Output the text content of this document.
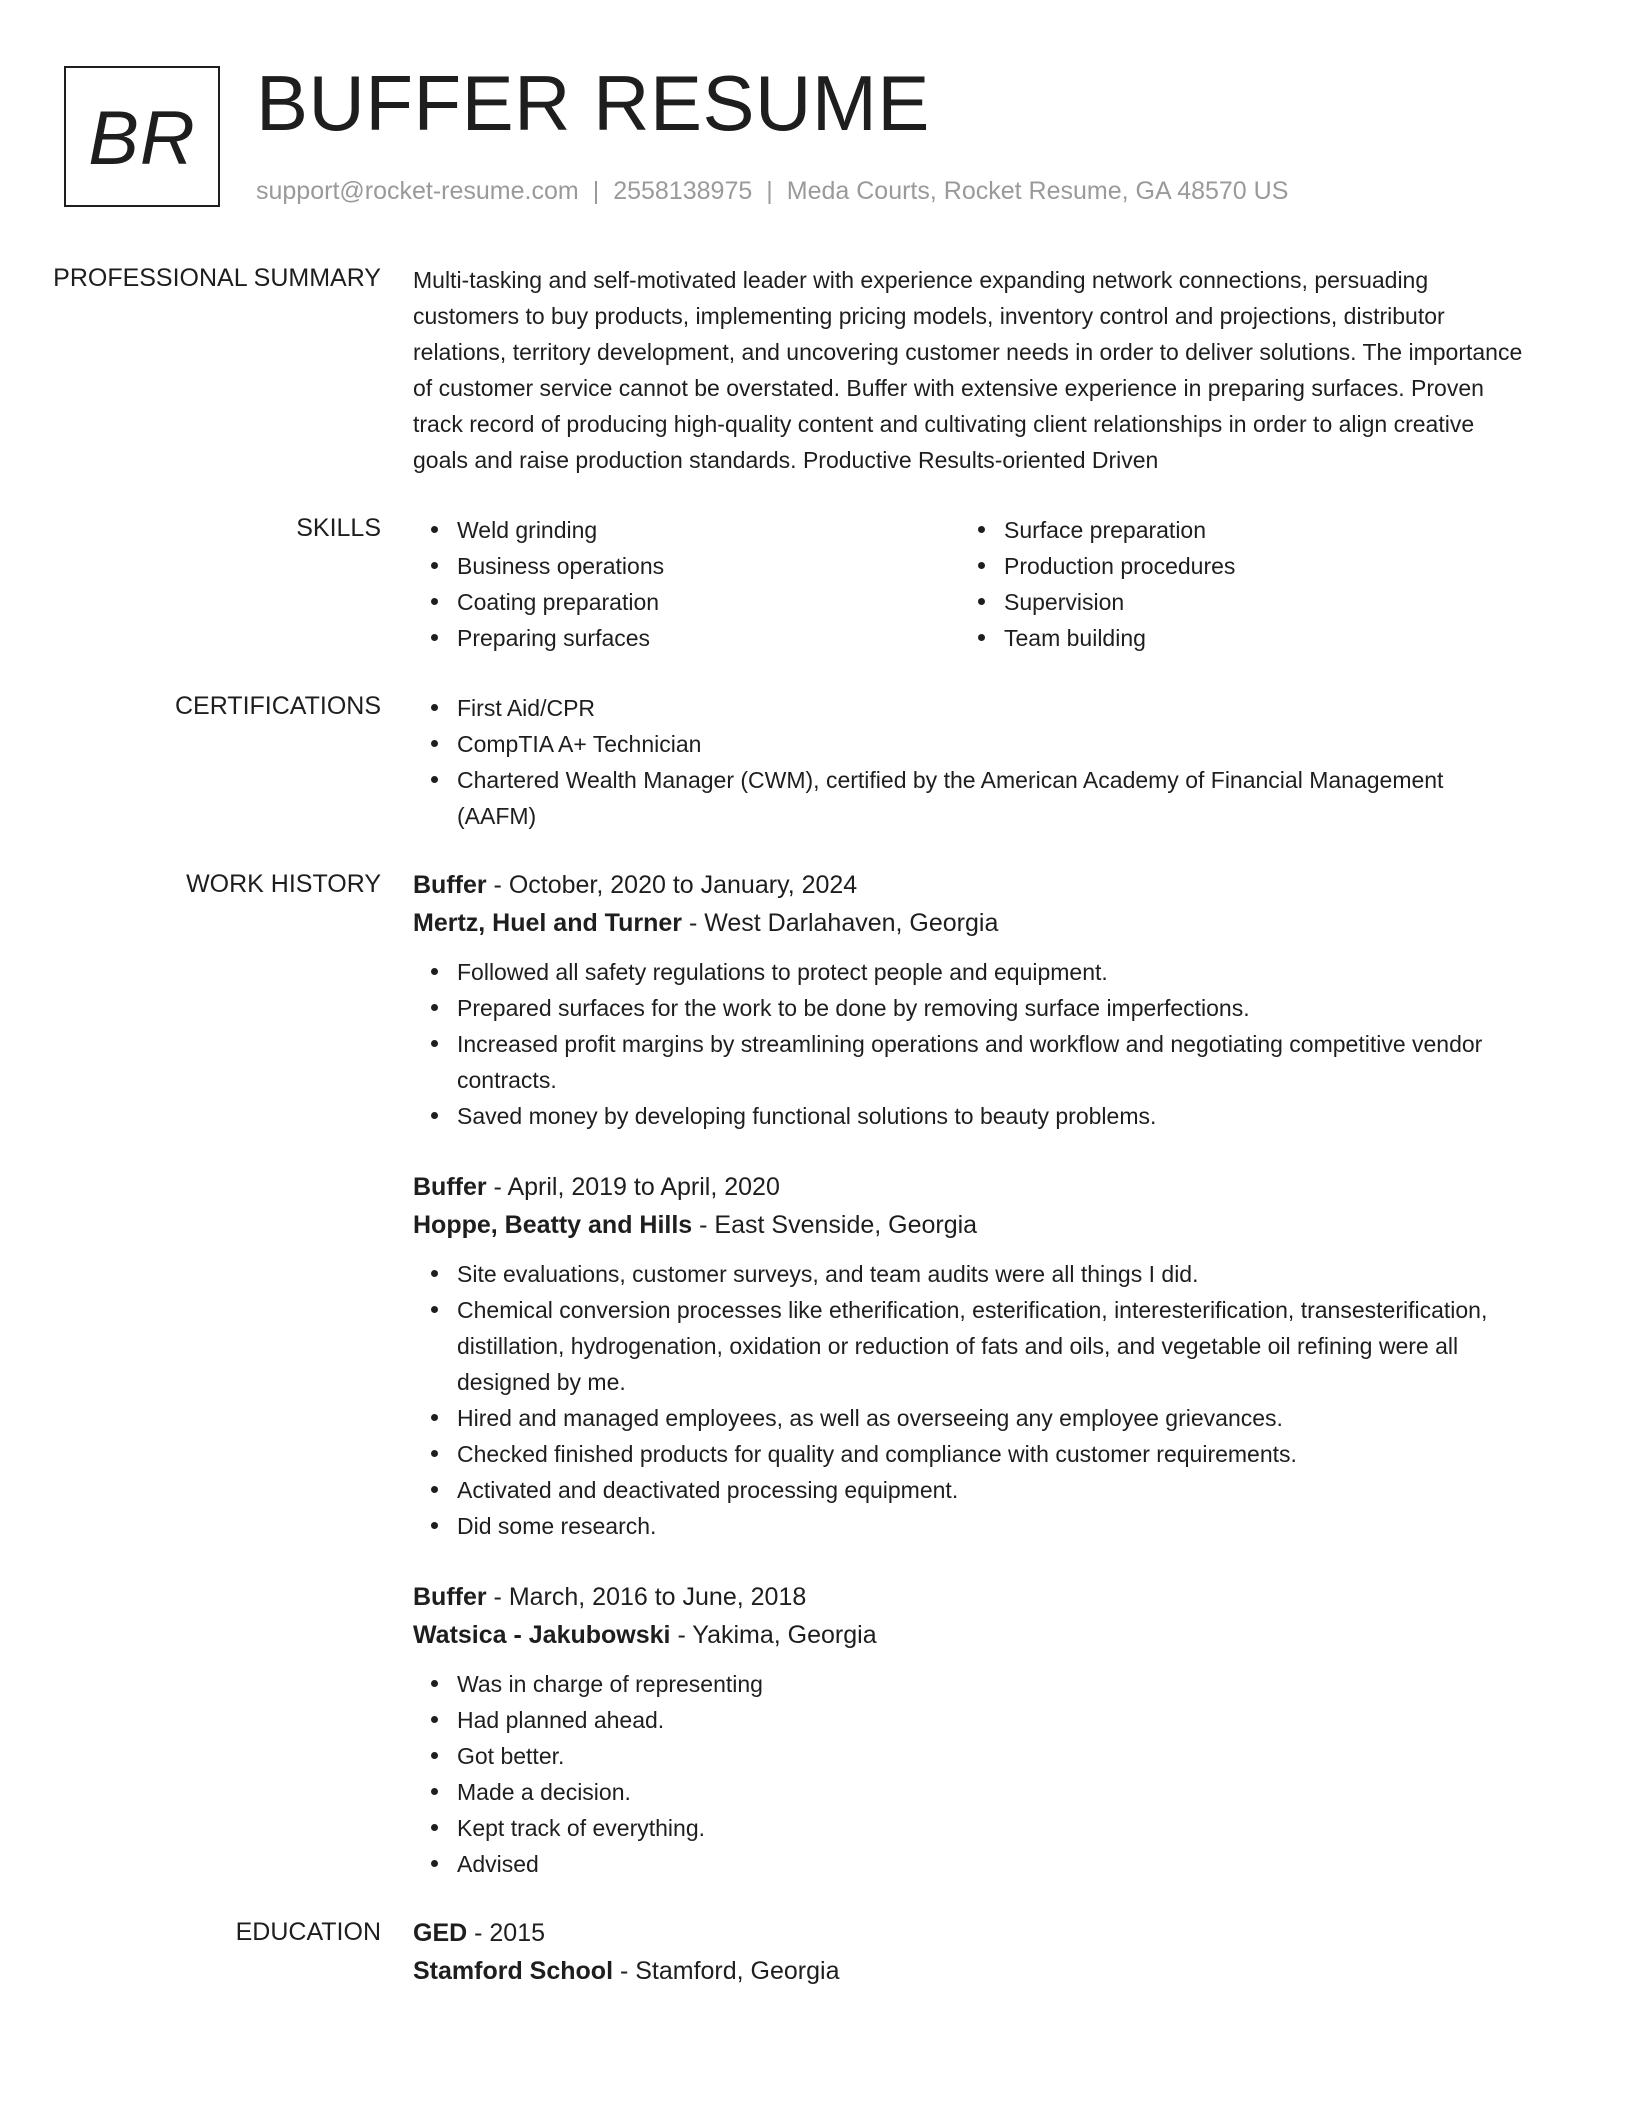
BR BUFFER RESUME
support@rocket-resume.com | 2558138975 | Meda Courts, Rocket Resume, GA 48570 US
PROFESSIONAL SUMMARY	Multi-tasking and self-motivated leader with experience expanding network connections, persuading customers to buy products, implementing pricing models, inventory control and projections, distributor relations, territory development, and uncovering customer needs in order to deliver solutions. The importance of customer service cannot be overstated. Buffer with extensive experience in preparing surfaces. Proven track record of producing high-quality content and cultivating client relationships in order to align creative goals and raise production standards. Productive Results-oriented Driven

SKILLS	Weld grinding
Business operations
Coating preparation
Preparing surfaces
Surface preparation
Production procedures
Supervision
Team building
CERTIFICATIONS	First Aid/CPR
CompTIA A+ Technician
Chartered Wealth Manager (CWM), certified by the American Academy of Financial Management (AAFM)
WORK HISTORY	Buffer - October, 2020 to January, 2024
Mertz, Huel and Turner - West Darlahaven, Georgia
Followed all safety regulations to protect people and equipment.
Prepared surfaces for the work to be done by removing surface imperfections.
Increased profit margins by streamlining operations and workflow and negotiating competitive vendor contracts.
Saved money by developing functional solutions to beauty problems.
Buffer - April, 2019 to April, 2020
Hoppe, Beatty and Hills - East Svenside, Georgia
Site evaluations, customer surveys, and team audits were all things I did.
Chemical conversion processes like etherification, esterification, interesterification, transesterification, distillation, hydrogenation, oxidation or reduction of fats and oils, and vegetable oil refining were all designed by me.
Hired and managed employees, as well as overseeing any employee grievances.
Checked finished products for quality and compliance with customer requirements.
Activated and deactivated processing equipment.
Did some research.
Buffer - March, 2016 to June, 2018
Watsica - Jakubowski - Yakima, Georgia
Was in charge of representing
Had planned ahead.
Got better.
Made a decision.
Kept track of everything.
Advised
EDUCATION	GED - 2015
Stamford School - Stamford, Georgia
